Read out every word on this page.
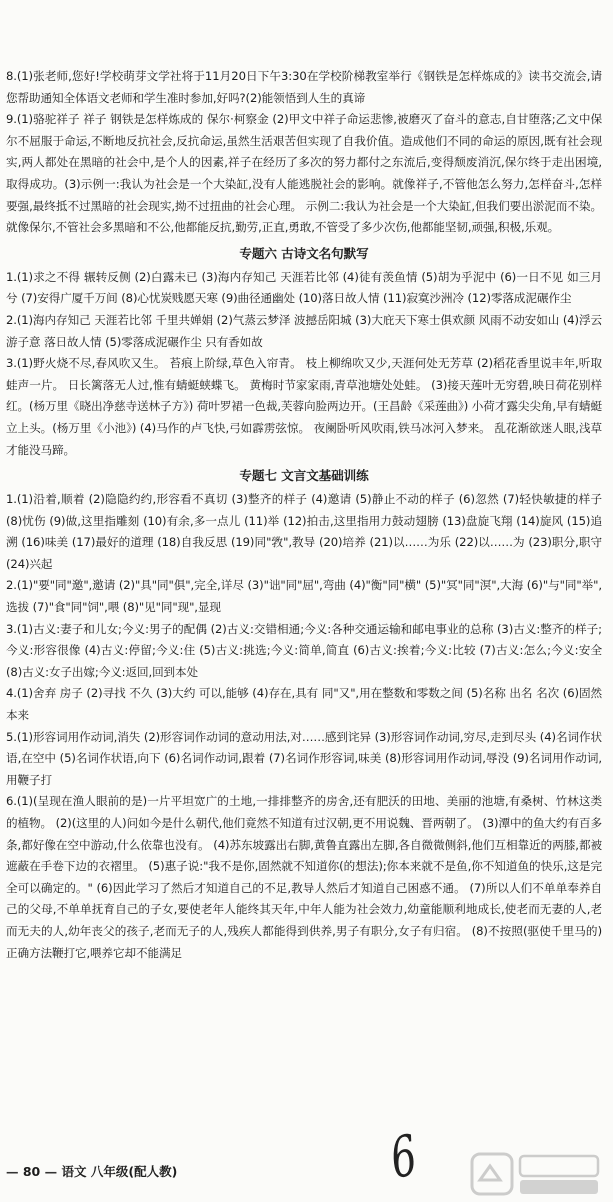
8.(1)张老师,您好!学校萌芽文学社将于11月20日下午3:30在学校阶梯教室举行《钢铁是怎样炼成的》读书交流会,请您帮助通知全体语文老师和学生准时参加,好吗?(2)能领悟到人生的真谛

9.(1)骆驼祥子 祥子 钢铁是怎样炼成的 保尔·柯察金 (2)甲文中祥子命运悲惨,被磨灭了奋斗的意志,自甘堕落;乙文中保尔不屈服于命运,不断地反抗社会,反抗命运,虽然生活艰苦但实现了自我价值。造成他们不同的命运的原因,既有社会现实,两人都处在黑暗的社会中,是个人的因素,祥子在经历了多次的努力都付之东流后,变得颓废消沉,保尔终于走出困境,取得成功。(3)示例一:我认为社会是一个大染缸,没有人能逃脱社会的影响。就像祥子,不管他怎么努力,怎样奋斗,怎样要强,最终抵不过黑暗的社会现实,拗不过扭曲的社会心理。 示例二:我认为社会是一个大染缸,但我们要出淤泥而不染。就像保尔,不管社会多黑暗和不公,他都能反抗,勤劳,正直,勇敢,不管受了多少次伤,他都能坚韧,顽强,积极,乐观。

专题六 古诗文名句默写

1.(1)求之不得 辗转反侧 (2)白露未已 (3)海内存知己 天涯若比邻 (4)徒有羡鱼情 (5)胡为乎泥中 (6)一日不见 如三月兮 (7)安得广厦千万间 (8)心忧炭贱愿天寒 (9)曲径通幽处 (10)落日故人情 (11)寂寞沙洲冷 (12)零落成泥碾作尘

2.(1)海内存知己 天涯若比邻 千里共婵娟 (2)气蒸云梦泽 波撼岳阳城 (3)大庇天下寒士俱欢颜 风雨不动安如山 (4)浮云游子意 落日故人情 (5)零落成泥碾作尘 只有香如故

3.(1)野火烧不尽,春风吹又生。 苔痕上阶绿,草色入帘青。 枝上柳绵吹又少,天涯何处无芳草 (2)稻花香里说丰年,听取蛙声一片。 日长篱落无人过,惟有蜻蜓蛱蝶飞。 黄梅时节家家雨,青草池塘处处蛙。 (3)接天莲叶无穷碧,映日荷花别样红。(杨万里《晓出净慈寺送林子方》) 荷叶罗裙一色裁,芙蓉向脸两边开。(王昌龄《采莲曲》) 小荷才露尖尖角,早有蜻蜓立上头。(杨万里《小池》) (4)马作的卢飞快,弓如霹雳弦惊。 夜阑卧听风吹雨,铁马冰河入梦来。 乱花渐欲迷人眼,浅草才能没马蹄。

专题七 文言文基础训练

1.(1)沿着,顺着 (2)隐隐约约,形容看不真切 (3)整齐的样子 (4)邀请 (5)静止不动的样子 (6)忽然 (7)轻快敏捷的样子 (8)忧伤 (9)做,这里指雕刻 (10)有余,多一点儿 (11)举 (12)拍击,这里指用力鼓动翅膀 (13)盘旋飞翔 (14)旋风 (15)追溯 (16)味美 (17)最好的道理 (18)自我反思 (19)同"敩",教导 (20)培养 (21)以……为乐 (22)以……为 (23)职分,职守 (24)兴起

2.(1)"要"同"邀",邀请 (2)"具"同"俱",完全,详尽 (3)"诎"同"屈",弯曲 (4)"衡"同"横" (5)"冥"同"溟",大海 (6)"与"同"举",选拔 (7)"食"同"饲",喂 (8)"见"同"现",显现

3.(1)古义:妻子和儿女;今义:男子的配偶 (2)古义:交错相通;今义:各种交通运输和邮电事业的总称 (3)古义:整齐的样子;今义:形容很像 (4)古义:停留;今义:住 (5)古义:挑选;今义:简单,简直 (6)古义:挨着;今义:比较 (7)古义:怎么;今义:安全 (8)古义:女子出嫁;今义:返回,回到本处

4.(1)舍弃 房子 (2)寻找 不久 (3)大约 可以,能够 (4)存在,具有 同"又",用在整数和零数之间 (5)名称 出名 名次 (6)固然 本来

5.(1)形容词用作动词,消失 (2)形容词作动词的意动用法,对……感到诧异 (3)形容词作动词,穷尽,走到尽头 (4)名词作状语,在空中 (5)名词作状语,向下 (6)名词作动词,跟着 (7)名词作形容词,味美 (8)形容词用作动词,辱没 (9)名词用作动词,用鞭子打

6.(1)(呈现在渔人眼前的是)一片平坦宽广的土地,一排排整齐的房舍,还有肥沃的田地、美丽的池塘,有桑树、竹林这类的植物。 (2)(这里的人)问如今是什么朝代,他们竟然不知道有过汉朝,更不用说魏、晋两朝了。 (3)潭中的鱼大约有百多条,都好像在空中游动,什么依靠也没有。 (4)苏东坡露出右脚,黄鲁直露出左脚,各自微微侧斜,他们互相靠近的两膝,都被遮蔽在手卷下边的衣褶里。 (5)惠子说:"我不是你,固然就不知道你(的想法);你本来就不是鱼,你不知道鱼的快乐,这是完全可以确定的。" (6)因此学习了然后才知道自己的不足,教导人然后才知道自己困惑不通。 (7)所以人们不单单奉养自己的父母,不单单抚育自己的子女,要使老年人能终其天年,中年人能为社会效力,幼童能顺利地成长,使老而无妻的人,老而无夫的人,幼年丧父的孩子,老而无子的人,残疾人都能得到供养,男子有职分,女子有归宿。 (8)不按照(驱使千里马的)正确方法鞭打它,喂养它却不能满足

— 80 — 语文 八年级(配人教)	6
